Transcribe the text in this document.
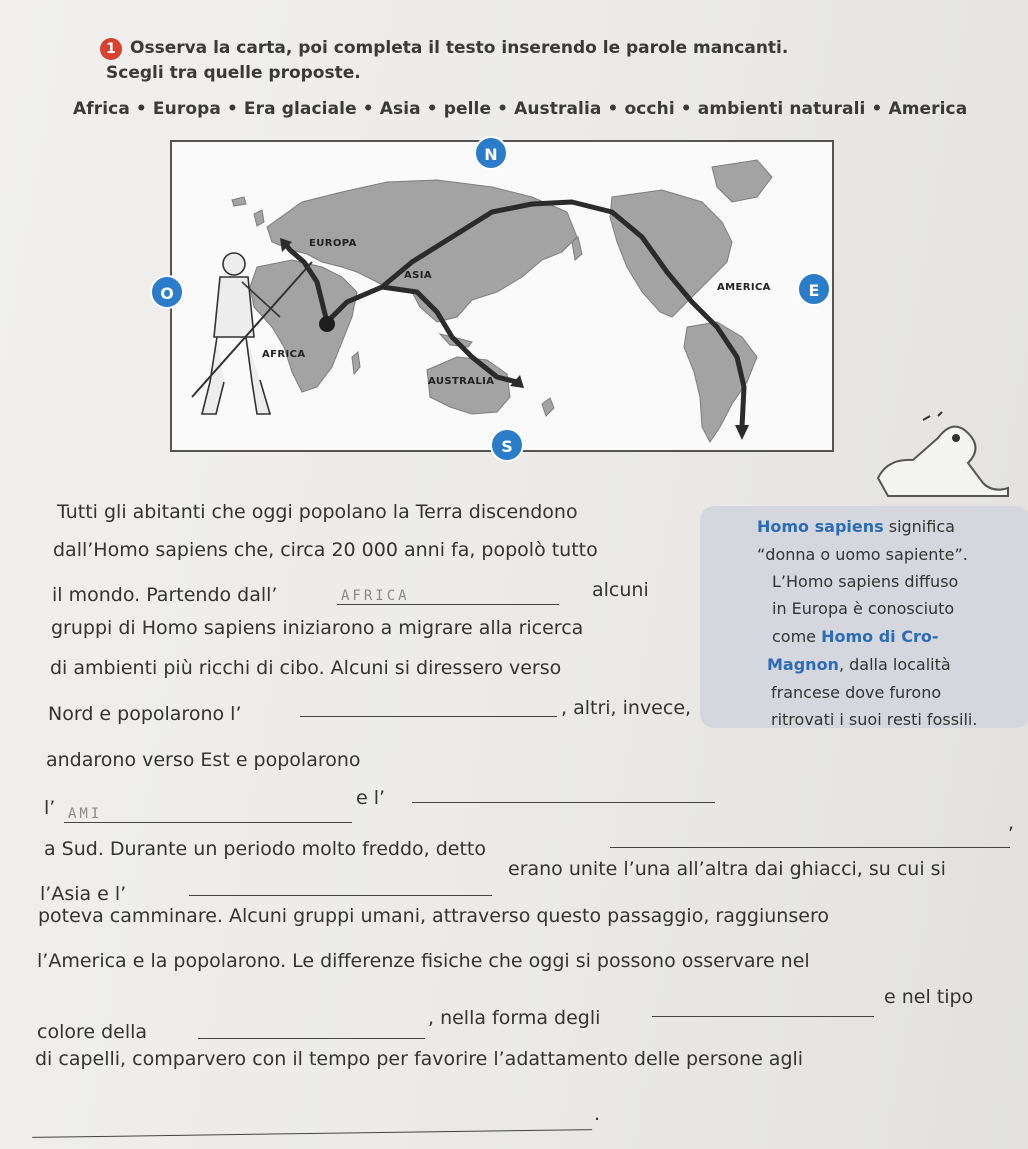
1 Osserva la carta, poi completa il testo inserendo le parole mancanti.
Scegli tra quelle proposte.
Africa • Europa • Era glaciale • Asia • pelle • Australia • occhi • ambienti naturali • America
EUROPA
ASIA
AFRICA
AUSTRALIA
AMERICA
N
S
E
O
Homo sapiens significa
“donna o uomo sapiente”.
L’Homo sapiens diffuso
in Europa è conosciuto
come Homo di Cro-
Magnon, dalla località
francese dove furono
ritrovati i suoi resti fossili.
Tutti gli abitanti che oggi popolano la Terra discendono
dall’Homo sapiens che, circa 20 000 anni fa, popolò tutto
il mondo. Partendo dall’	AFRICA	alcuni
gruppi di Homo sapiens iniziarono a migrare alla ricerca
di ambienti più ricchi di cibo. Alcuni si diressero verso
Nord e popolarono l’	, altri, invece,
andarono verso Est e popolarono
l’ AMI
e l’
a Sud. Durante un periodo molto freddo, detto
,
l’Asia e l’
erano unite l’una all’altra dai ghiacci, su cui si
poteva camminare. Alcuni gruppi umani, attraverso questo passaggio, raggiunsero
l’America e la popolarono. Le differenze fisiche che oggi si possono osservare nel
colore della
, nella forma degli
e nel tipo
di capelli, comparvero con il tempo per favorire l’adattamento delle persone agli
.
